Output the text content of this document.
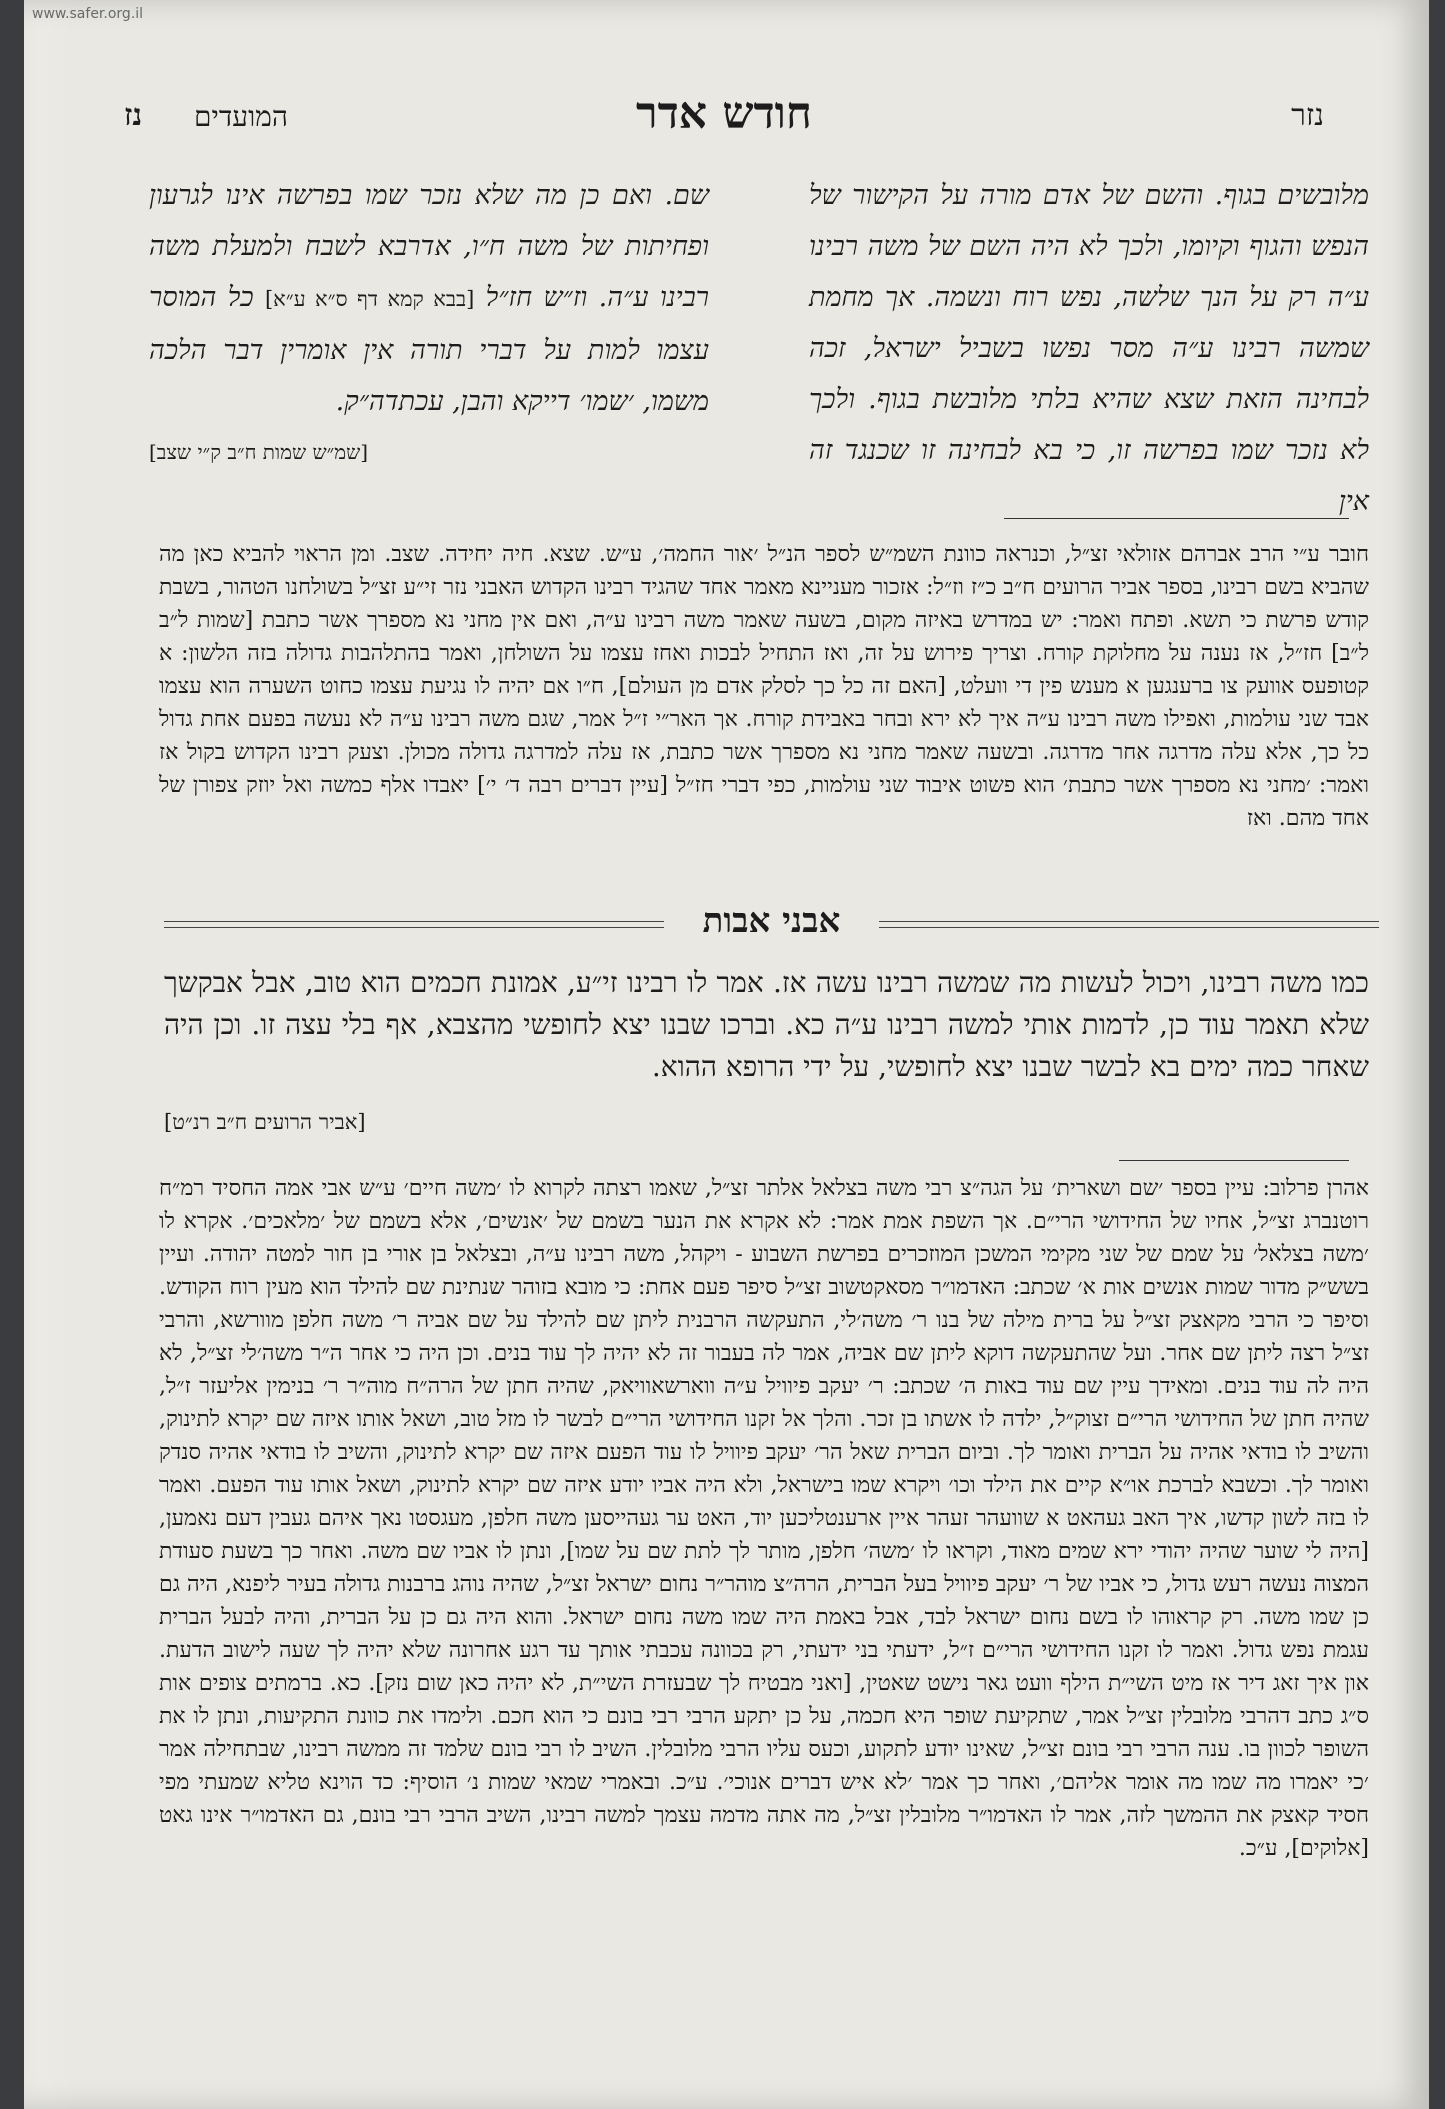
www.safer.org.il
נזר
חודש אדר
המועדים
נז
מלובשים בגוף. והשם של אדם מורה על הקישור של הנפש והגוף וקיומו, ולכך לא היה השם של משה רבינו ע״ה רק על הנך שלשה, נפש רוח ונשמה. אך מחמת שמשה רבינו ע״ה מסר נפשו בשביל ישראל, זכה לבחינה הזאת שצא שהיא בלתי מלובשת בגוף. ולכך לא נזכר שמו בפרשה זו, כי בא לבחינה זו שכנגד זה אין
שם. ואם כן מה שלא נזכר שמו בפרשה אינו לגרעון ופחיתות של משה ח״ו, אדרבא לשבח ולמעלת משה רבינו ע״ה. וז״ש חז״ל [בבא קמא דף ס״א ע״א] כל המוסר עצמו למות על דברי תורה אין אומרין דבר הלכה משמו, ׳שמו׳ דייקא והבן, עכתדה״ק.
[שמ״ש שמות ח״ב ק״י שצב]
חובר ע״י הרב אברהם אזולאי זצ״ל, וכנראה כוונת השמ״ש לספר הנ״ל ׳אור החמה׳, ע״ש. שצא. חיה יחידה. שצב. ומן הראוי להביא כאן מה שהביא בשם רבינו, בספר אביר הרועים ח״ב כ״ז וז״ל: אזכור מעניינא מאמר אחד שהגיד רבינו הקדוש האבני נזר זי״ע זצ״ל בשולחנו הטהור, בשבת קודש פרשת כי תשא. ופתח ואמר: יש במדרש באיזה מקום, בשעה שאמר משה רבינו ע״ה, ואם אין מחני נא מספרך אשר כתבת [שמות ל״ב ל״ב] חז״ל, אז נענה על מחלוקת קורח. וצריך פירוש על זה, ואז התחיל לבכות ואחז עצמו על השולחן, ואמר בהתלהבות גדולה בזה הלשון: א קטופעס אוועק צו ברענגען א מענש פין די וועלט, [האם זה כל כך לסלק אדם מן העולם], ח״ו אם יהיה לו נגיעת עצמו כחוט השערה הוא עצמו אבד שני עולמות, ואפילו משה רבינו ע״ה איך לא ירא ובחר באבידת קורח. אך האר״י ז״ל אמר, שגם משה רבינו ע״ה לא נעשה בפעם אחת גדול כל כך, אלא עלה מדרגה אחר מדרגה. ובשעה שאמר מחני נא מספרך אשר כתבת, אז עלה למדרגה גדולה מכולן. וצעק רבינו הקדוש בקול אז ואמר: ׳מחני נא מספרך אשר כתבת׳ הוא פשוט איבוד שני עולמות, כפי דברי חז״ל [עיין דברים רבה ד׳ י׳] יאבדו אלף כמשה ואל יוזק צפורן של אחד מהם. ואז
אבני אבות
כמו משה רבינו, ויכול לעשות מה שמשה רבינו עשה אז. אמר לו רבינו זי״ע, אמונת חכמים הוא טוב, אבל אבקשך שלא תאמר עוד כן, לדמות אותי למשה רבינו ע״ה כא. וברכו שבנו יצא לחופשי מהצבא, אף בלי עצה זו. וכן היה שאחר כמה ימים בא לבשר שבנו יצא לחופשי, על ידי הרופא ההוא.
[אביר הרועים ח״ב רנ״ט]
אהרן פרלוב: עיין בספר ׳שם ושארית׳ על הגה״צ רבי משה בצלאל אלתר זצ״ל, שאמו רצתה לקרוא לו ׳משה חיים׳ ע״ש אבי אמה החסיד רמ״ח רוטנברג זצ״ל, אחיו של החידושי הרי״ם. אך השפת אמת אמר: לא אקרא את הנער בשמם של ׳אנשים׳, אלא בשמם של ׳מלאכים׳. אקרא לו ׳משה בצלאל׳ על שמם של שני מקימי המשכן המוזכרים בפרשת השבוע - ויקהל, משה רבינו ע״ה, ובצלאל בן אורי בן חור למטה יהודה. ועיין בשש״ק מדור שמות אנשים אות א׳ שכתב: האדמו״ר מסאקטשוב זצ״ל סיפר פעם אחת: כי מובא בזוהר שנתינת שם להילד הוא מעין רוח הקודש. וסיפר כי הרבי מקאצק זצ״ל על ברית מילה של בנו ר׳ משה׳לי, התעקשה הרבנית ליתן שם להילד על שם אביה ר׳ משה חלפן מוורשא, והרבי זצ״ל רצה ליתן שם אחר. ועל שהתעקשה דוקא ליתן שם אביה, אמר לה בעבור זה לא יהיה לך עוד בנים. וכן היה כי אחר ה״ר משה׳לי זצ״ל, לא היה לה עוד בנים. ומאידך עיין שם עוד באות ה׳ שכתב: ר׳ יעקב פיוויל ע״ה ווארשאוויאק, שהיה חתן של הרה״ח מוה״ר ר׳ בנימין אליעזר ז״ל, שהיה חתן של החידושי הרי״ם זצוק״ל, ילדה לו אשתו בן זכר. והלך אל זקנו החידושי הרי״ם לבשר לו מזל טוב, ושאל אותו איזה שם יקרא לתינוק, והשיב לו בודאי אהיה על הברית ואומר לך. וביום הברית שאל הר׳ יעקב פיוויל לו עוד הפעם איזה שם יקרא לתינוק, והשיב לו בודאי אהיה סנדק ואומר לך. וכשבא לברכת או״א קיים את הילד וכו׳ ויקרא שמו בישראל, ולא היה אביו יודע איזה שם יקרא לתינוק, ושאל אותו עוד הפעם. ואמר לו בזה לשון קדשו, איך האב געהאט א שוועהר זעהר איין ארענטליכען יוד, האט ער געהייסען משה חלפן, מעגסטו נאך איהם געבין דעם נאמען, [היה לי שוער שהיה יהודי ירא שמים מאוד, וקראו לו ׳משה׳ חלפן, מותר לך לתת שם על שמו], ונתן לו אביו שם משה. ואחר כך בשעת סעודת המצוה נעשה רעש גדול, כי אביו של ר׳ יעקב פיוויל בעל הברית, הרה״צ מוהר״ר נחום ישראל זצ״ל, שהיה נוהג ברבנות גדולה בעיר ליפנא, היה גם כן שמו משה. רק קראוהו לו בשם נחום ישראל לבד, אבל באמת היה שמו משה נחום ישראל. והוא היה גם כן על הברית, והיה לבעל הברית עגמת נפש גדול. ואמר לו זקנו החידושי הרי״ם ז״ל, ידעתי בני ידעתי, רק בכוונה עכבתי אותך עד רגע אחרונה שלא יהיה לך שעה לישוב הדעת. און איך זאג דיר אז מיט השי״ת הילף וועט גאר נישט שאטין, [ואני מבטיח לך שבעזרת השי״ת, לא יהיה כאן שום נזק]. כא. ברמתים צופים אות ס״ג כתב דהרבי מלובלין זצ״ל אמר, שתקיעת שופר היא חכמה, על כן יתקע הרבי רבי בונם כי הוא חכם. ולימדו את כוונת התקיעות, ונתן לו את השופר לכוון בו. ענה הרבי רבי בונם זצ״ל, שאינו יודע לתקוע, וכעס עליו הרבי מלובלין. השיב לו רבי בונם שלמד זה ממשה רבינו, שבתחילה אמר ׳כי יאמרו מה שמו מה אומר אליהם׳, ואחר כך אמר ׳לא איש דברים אנוכי׳. ע״כ. ובאמרי שמאי שמות נ׳ הוסיף: כד הוינא טליא שמעתי מפי חסיד קאצק את ההמשך לזה, אמר לו האדמו״ר מלובלין זצ״ל, מה אתה מדמה עצמך למשה רבינו, השיב הרבי רבי בונם, גם האדמו״ר אינו גאט [אלוקים], ע״כ.
